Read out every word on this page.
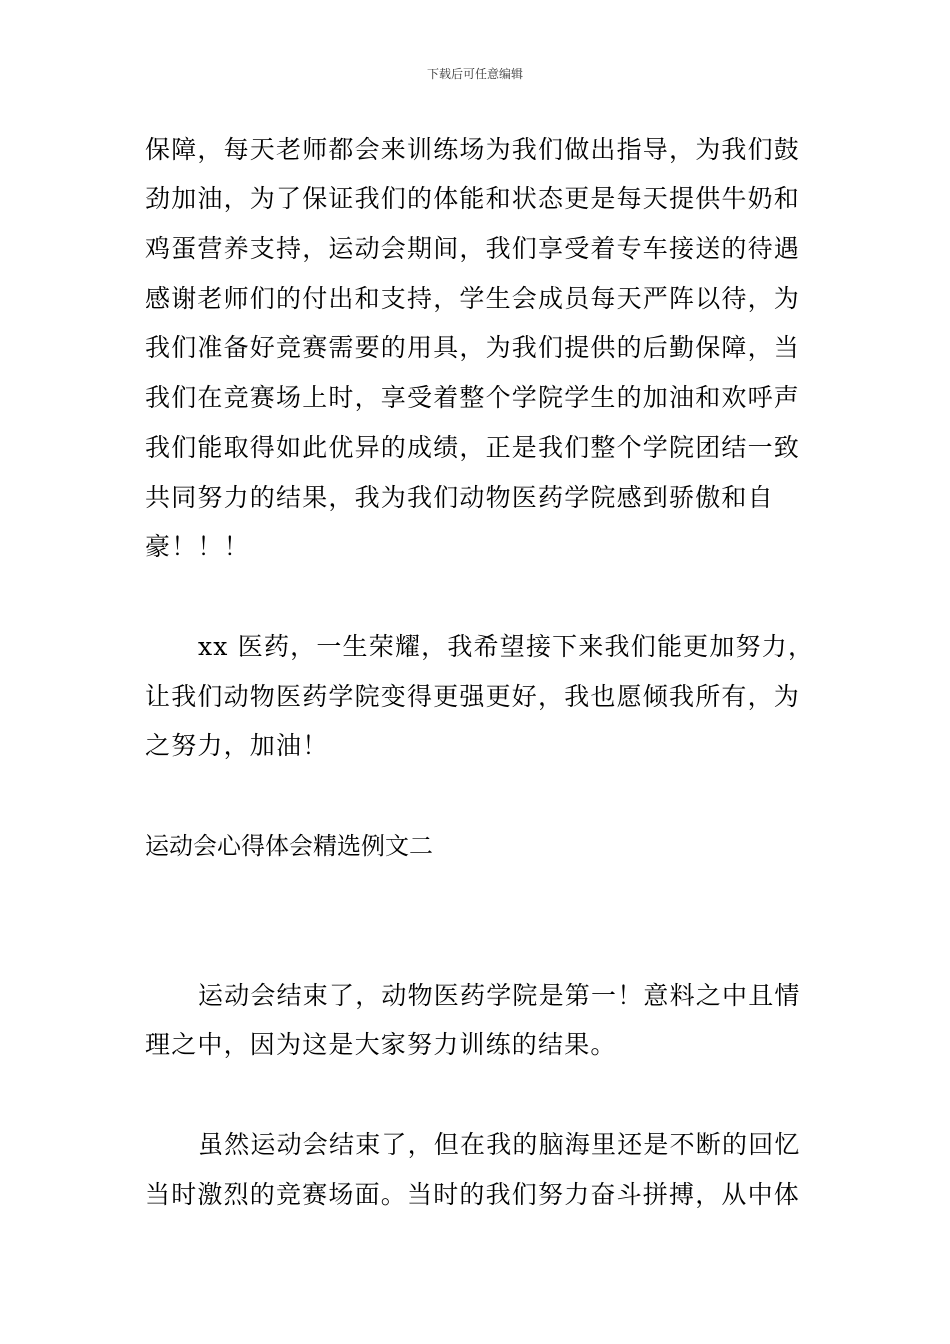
下载后可任意编辑
保障，每天老师都会来训练场为我们做出指导，为我们鼓
劲加油，为了保证我们的体能和状态更是每天提供牛奶和
鸡蛋营养支持，运动会期间，我们享受着专车接送的待遇
感谢老师们的付出和支持，学生会成员每天严阵以待，为
我们准备好竞赛需要的用具，为我们提供的后勤保障，当
我们在竞赛场上时，享受着整个学院学生的加油和欢呼声
我们能取得如此优异的成绩，正是我们整个学院团结一致
共同努力的结果，我为我们动物医药学院感到骄傲和自
豪！！！
xx 医药，一生荣耀，我希望接下来我们能更加努力，
让我们动物医药学院变得更强更好，我也愿倾我所有，为
之努力，加油！
运动会心得体会精选例文二
运动会结束了，动物医药学院是第一！意料之中且情
理之中，因为这是大家努力训练的结果。
虽然运动会结束了，但在我的脑海里还是不断的回忆
当时激烈的竞赛场面。当时的我们努力奋斗拼搏，从中体
